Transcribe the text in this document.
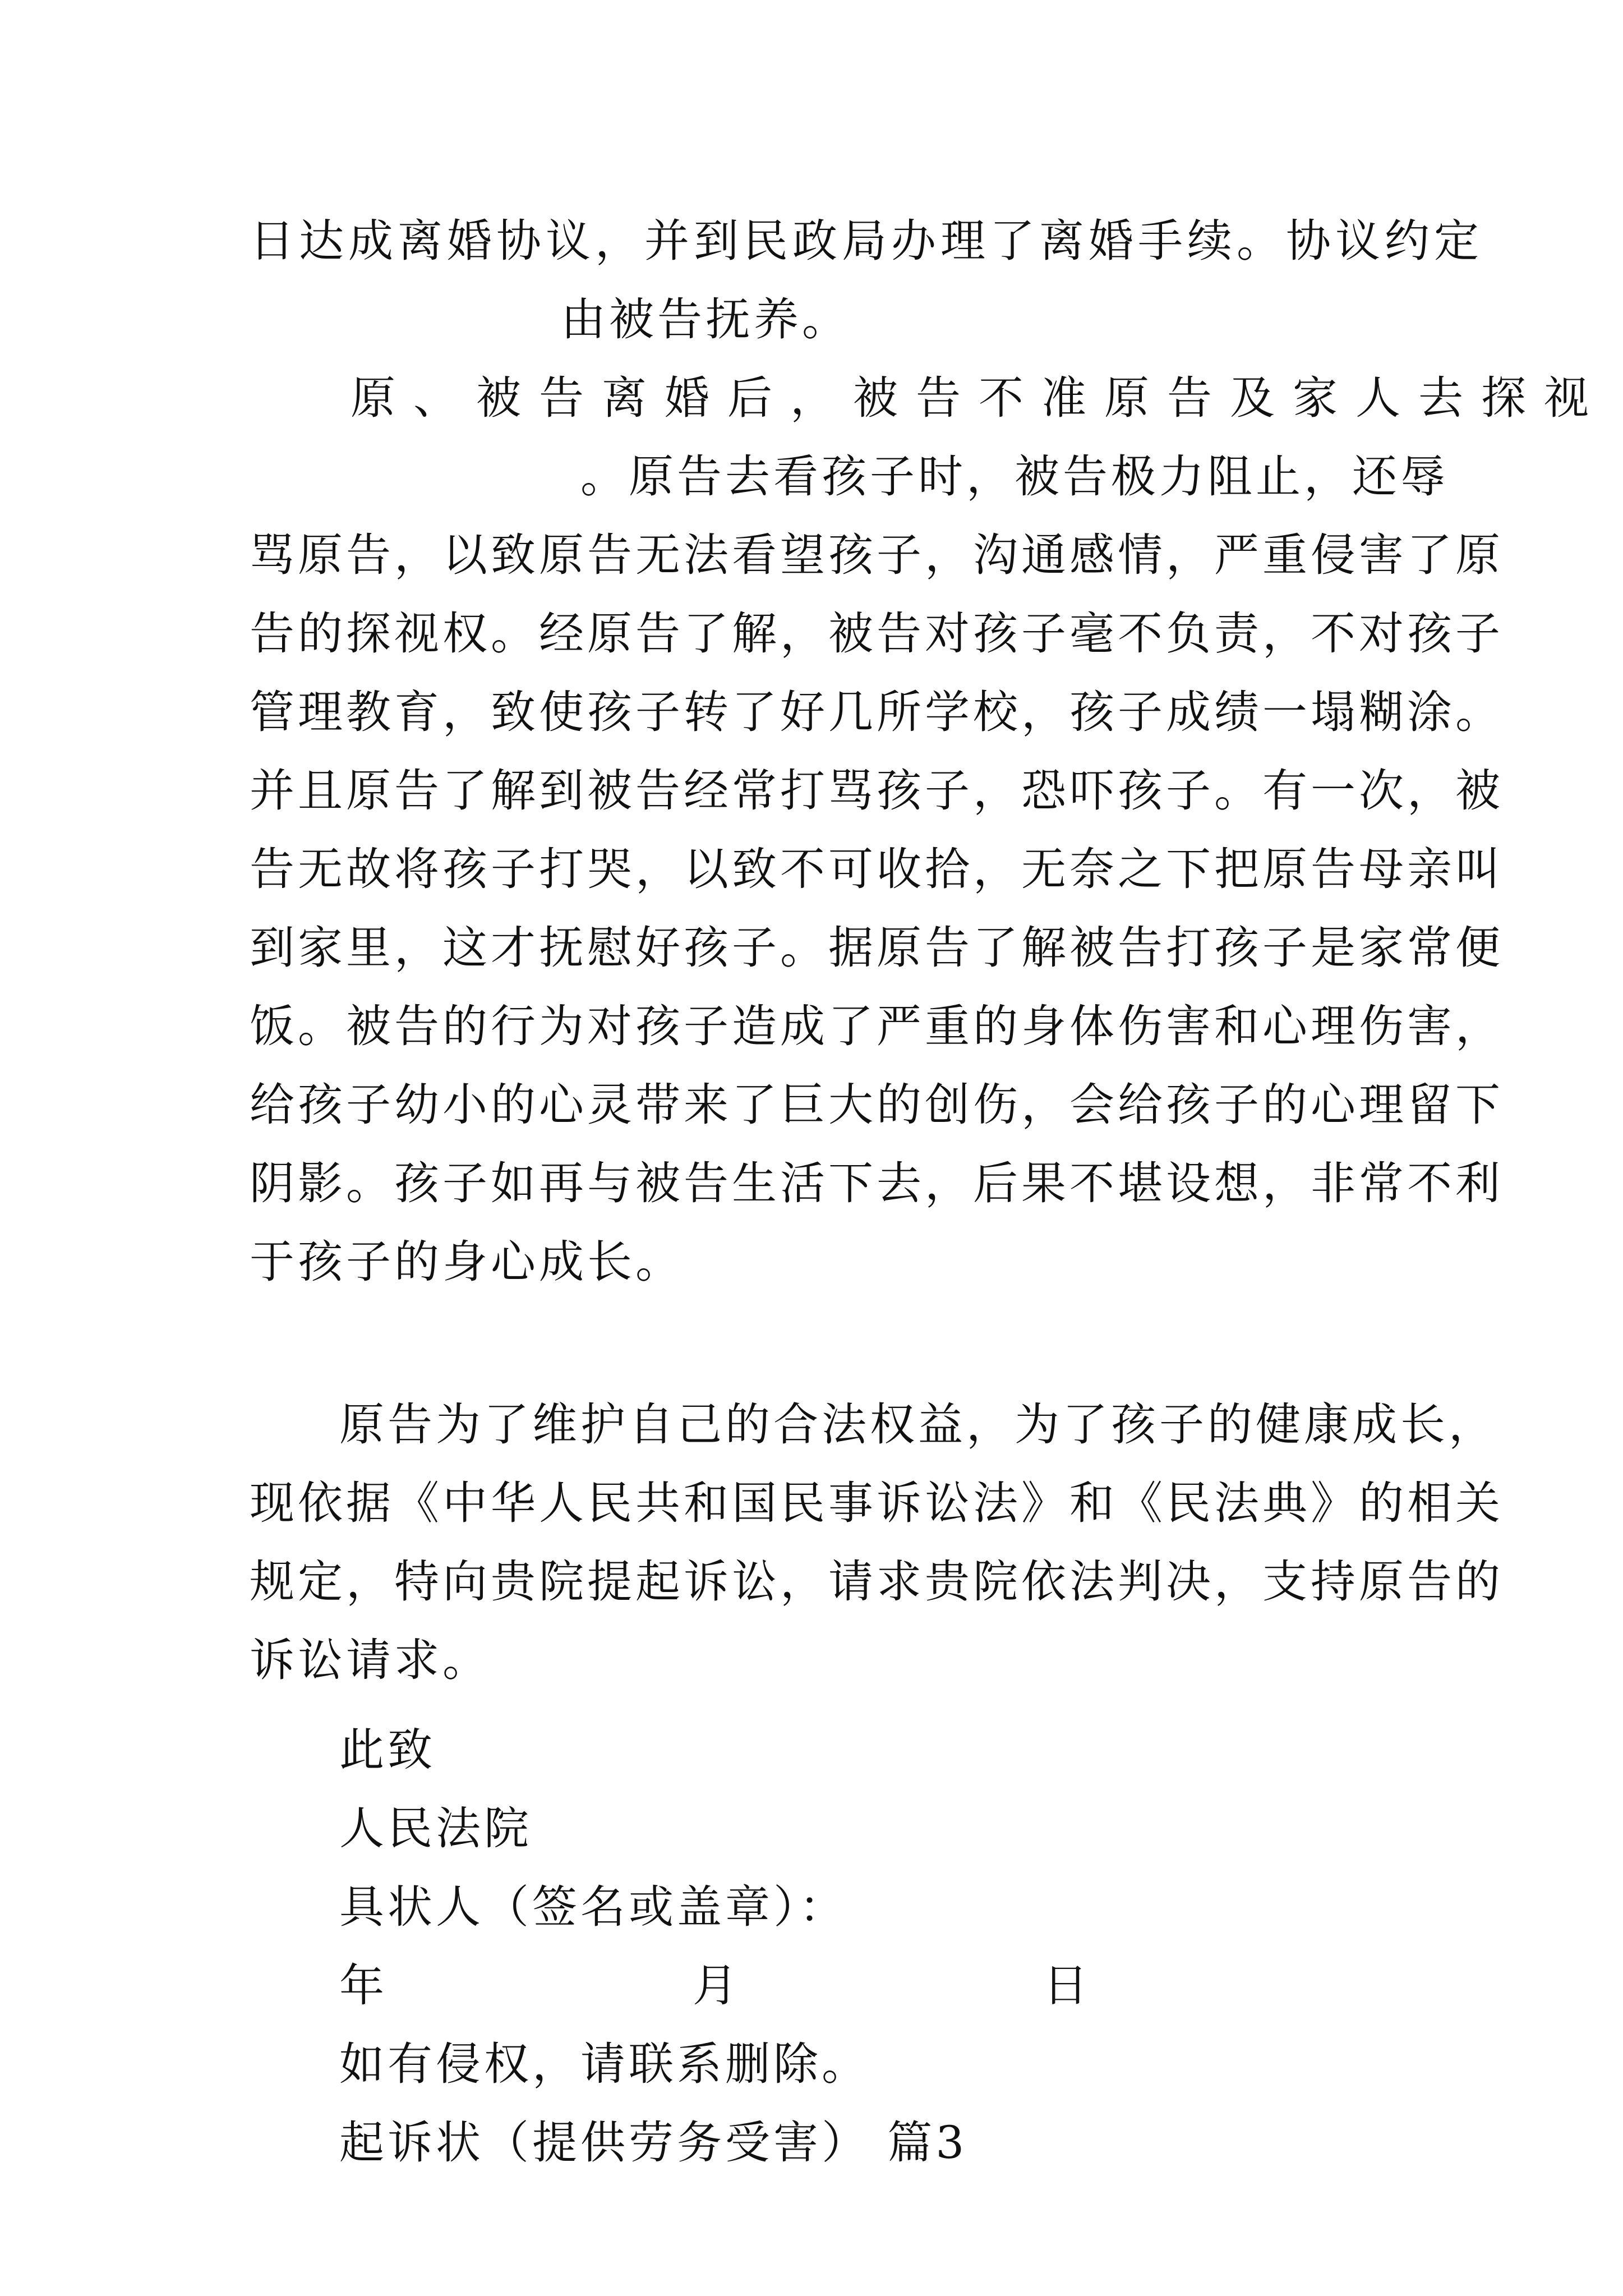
日达成离婚协议，并到民政局办理了离婚手续。协议约定
由被告抚养。
原、被告离婚后，被告不准原告及家人去探视
。原告去看孩子时，被告极力阻止，还辱
骂原告，以致原告无法看望孩子，沟通感情，严重侵害了原
告的探视权。经原告了解，被告对孩子毫不负责，不对孩子
管理教育，致使孩子转了好几所学校，孩子成绩一塌糊涂。
并且原告了解到被告经常打骂孩子，恐吓孩子。有一次，被
告无故将孩子打哭，以致不可收拾，无奈之下把原告母亲叫
到家里，这才抚慰好孩子。据原告了解被告打孩子是家常便
饭。被告的行为对孩子造成了严重的身体伤害和心理伤害，
给孩子幼小的心灵带来了巨大的创伤，会给孩子的心理留下
阴影。孩子如再与被告生活下去，后果不堪设想，非常不利
于孩子的身心成长。
原告为了维护自己的合法权益，为了孩子的健康成长，
现依据《中华人民共和国民事诉讼法》和《民法典》的相关
规定，特向贵院提起诉讼，请求贵院依法判决，支持原告的
诉讼请求。
此致
人民法院
具状人（签名或盖章）：
年	月	日
如有侵权，请联系删除。
起诉状（提供劳务受害） 篇3
